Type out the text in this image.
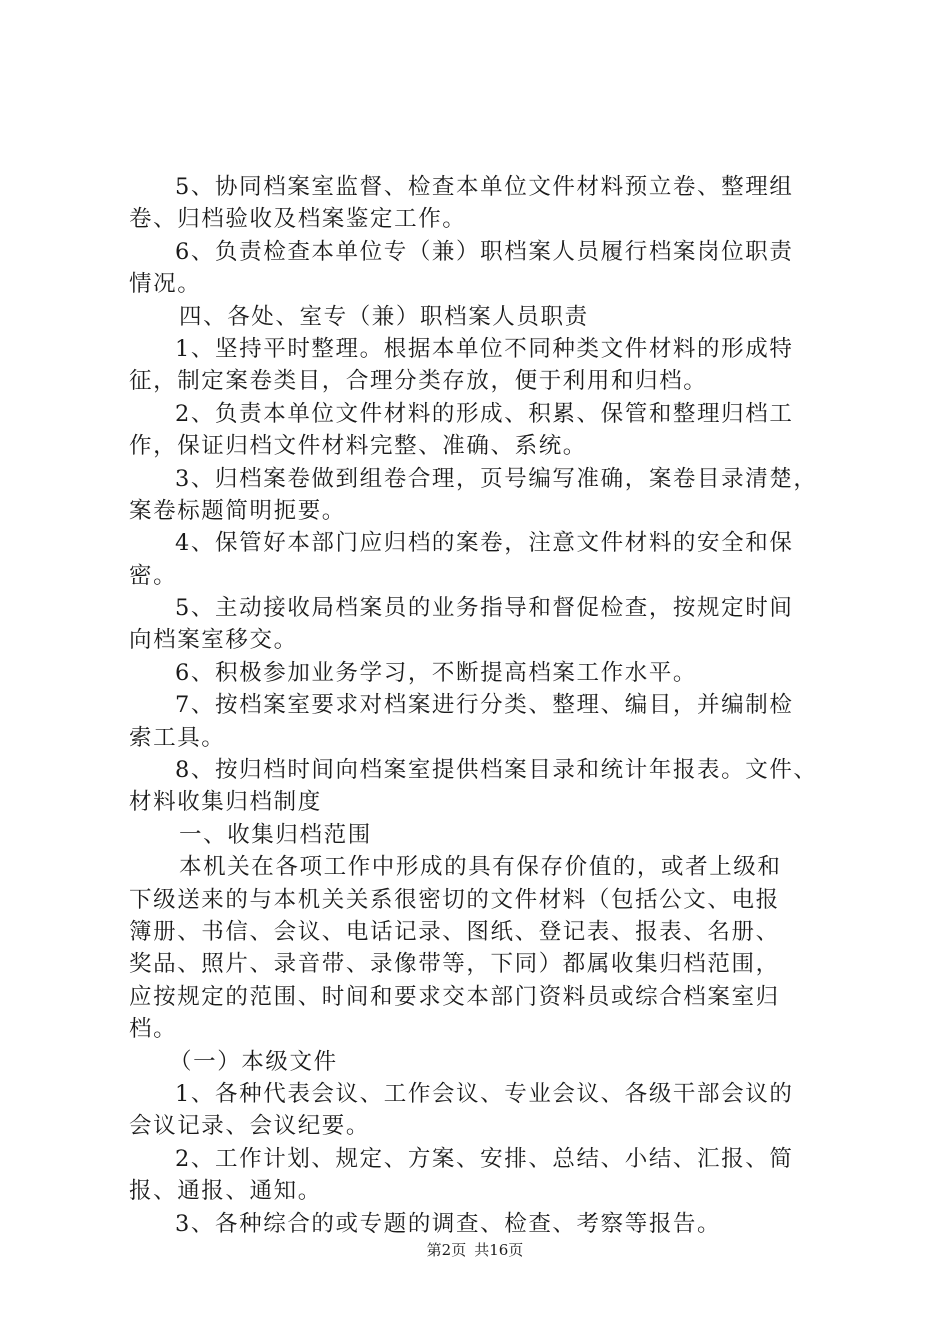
5、协同档案室监督、检查本单位文件材料预立卷、整理组
卷、归档验收及档案鉴定工作。
6、负责检查本单位专（兼）职档案人员履行档案岗位职责
情况。
四、各处、室专（兼）职档案人员职责
1、坚持平时整理。根据本单位不同种类文件材料的形成特
征，制定案卷类目，合理分类存放，便于利用和归档。
2、负责本单位文件材料的形成、积累、保管和整理归档工
作，保证归档文件材料完整、准确、系统。
3、归档案卷做到组卷合理，页号编写准确，案卷目录清楚，
案卷标题简明扼要。
4、保管好本部门应归档的案卷，注意文件材料的安全和保
密。
5、主动接收局档案员的业务指导和督促检查，按规定时间
向档案室移交。
6、积极参加业务学习，不断提高档案工作水平。
7、按档案室要求对档案进行分类、整理、编目，并编制检
索工具。
8、按归档时间向档案室提供档案目录和统计年报表。文件、
材料收集归档制度
一、收集归档范围
本机关在各项工作中形成的具有保存价值的，或者上级和
下级送来的与本机关关系很密切的文件材料（包括公文、电报
簿册、书信、会议、电话记录、图纸、登记表、报表、名册、
奖品、照片、录音带、录像带等，下同）都属收集归档范围，
应按规定的范围、时间和要求交本部门资料员或综合档案室归
档。
（一）本级文件
1、各种代表会议、工作会议、专业会议、各级干部会议的
会议记录、会议纪要。
2、工作计划、规定、方案、安排、总结、小结、汇报、简
报、通报、通知。
3、各种综合的或专题的调查、检查、考察等报告。
第2页 共16页
